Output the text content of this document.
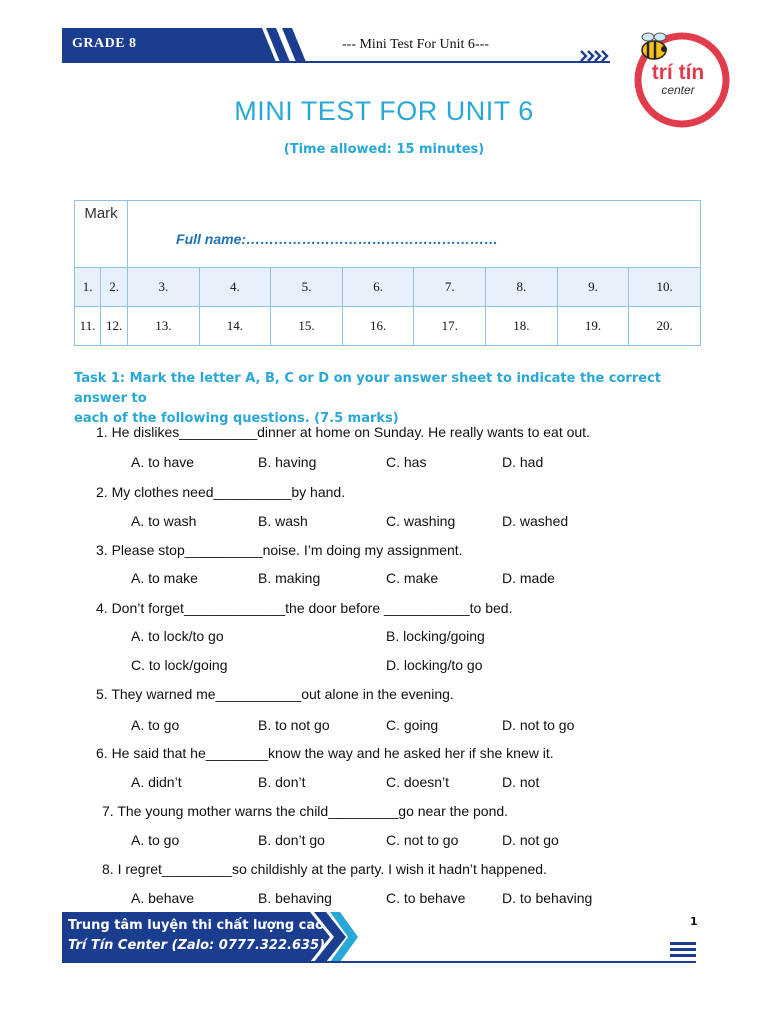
GRADE 8	--- Mini Test For Unit 6---
trí tín
center
MINI TEST FOR UNIT 6
(Time allowed: 15 minutes)
Mark		Full name:………………………………………………							
1.	2.	3.	4.	5.	6.	7.	8.	9.	10.
11.	12.	13.	14.	15.	16.	17.	18.	19.	20.
Task 1: Mark the letter A, B, C or D on your answer sheet to indicate the correct answer to
each of the following questions. (7.5 marks)
1. He dislikes__________dinner at home on Sunday. He really wants to eat out.
A. to have	B. having	C. has	D. had
2. My clothes need__________by hand.
A. to wash	B. wash	C. washing	D. washed
3. Please stop__________noise. I’m doing my assignment.
A. to make	B. making	C. make	D. made
4. Don’t forget_____________the door before ___________to bed.
A. to lock/to go	B. locking/going
C. to lock/going	D. locking/to go
5. They warned me___________out alone in the evening.
A. to go	B. to not go	C. going	D. not to go
6. He said that he________know the way and he asked her if she knew it.
A. didn’t	B. don’t	C. doesn’t	D. not
7. The young mother warns the child_________go near the pond.
A. to go	B. don’t go	C. not to go	D. not go
8. I regret_________so childishly at the party. I wish it hadn’t happened.
A. behave	B. behaving	C. to behave	D. to behaving
Trung tâm luyện thi chất lượng cao
Trí Tín Center (Zalo: 0777.322.635)
1
